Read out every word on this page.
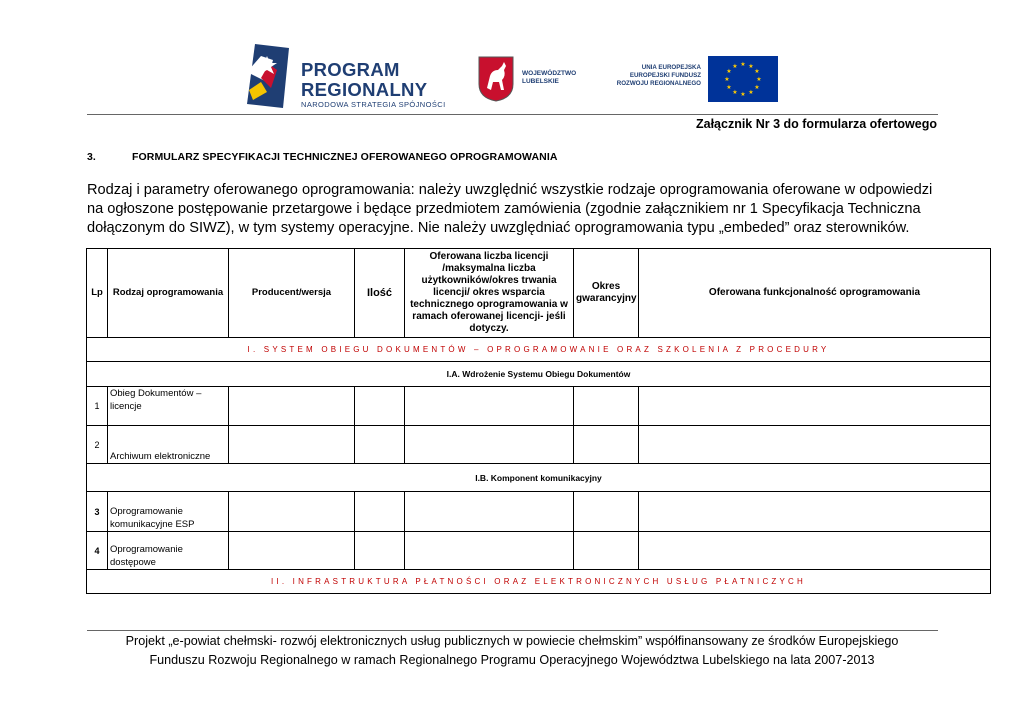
PROGRAM
REGIONALNY
NARODOWA STRATEGIA SPÓJNOŚCI
WOJEWÓDZTWO
LUBELSKIE
UNIA EUROPEJSKA
EUROPEJSKI FUNDUSZ
ROZWOJU REGIONALNEGO
★ ★
★
★
★
★
★
★
★
★
★
★
Załącznik Nr 3 do formularza ofertowego
3.	FORMULARZ SPECYFIKACJI TECHNICZNEJ OFEROWANEGO OPROGRAMOWANIA
Rodzaj i parametry oferowanego oprogramowania: należy uwzględnić wszystkie rodzaje oprogramowania oferowane w odpowiedzi na ogłoszone postępowanie przetargowe i będące przedmiotem zamówienia (zgodnie załącznikiem nr 1 Specyfikacja Techniczna dołączonym do SIWZ), w tym systemy operacyjne. Nie należy uwzględniać oprogramowania typu „embeded” oraz sterowników.
Lp	Rodzaj oprogramowania	Producent/wersja	Ilość	Oferowana liczba licencji /maksymalna liczba użytkowników/okres trwania licencji/ okres wsparcia technicznego oprogramowania w ramach oferowanej licencji- jeśli dotyczy.	Okres gwarancyjny	Oferowana funkcjonalność oprogramowania
I. SYSTEM OBIEGU DOKUMENTÓW – OPROGRAMOWANIE ORAZ SZKOLENIA Z PROCEDURY						
I.A. Wdrożenie Systemu Obiegu Dokumentów						
1	Obieg Dokumentów – licencje					
2	Archiwum elektroniczne					
I.B. Komponent komunikacyjny						
3	Oprogramowanie komunikacyjne ESP					
4	Oprogramowanie dostępowe					
II. INFRASTRUKTURA PŁATNOŚCI ORAZ ELEKTRONICZNYCH USŁUG PŁATNICZYCH						
Projekt „e-powiat chełmski- rozwój elektronicznych usług publicznych w powiecie chełmskim” współfinansowany ze środków Europejskiego
Funduszu Rozwoju Regionalnego w ramach Regionalnego Programu Operacyjnego Województwa Lubelskiego na lata 2007-2013
